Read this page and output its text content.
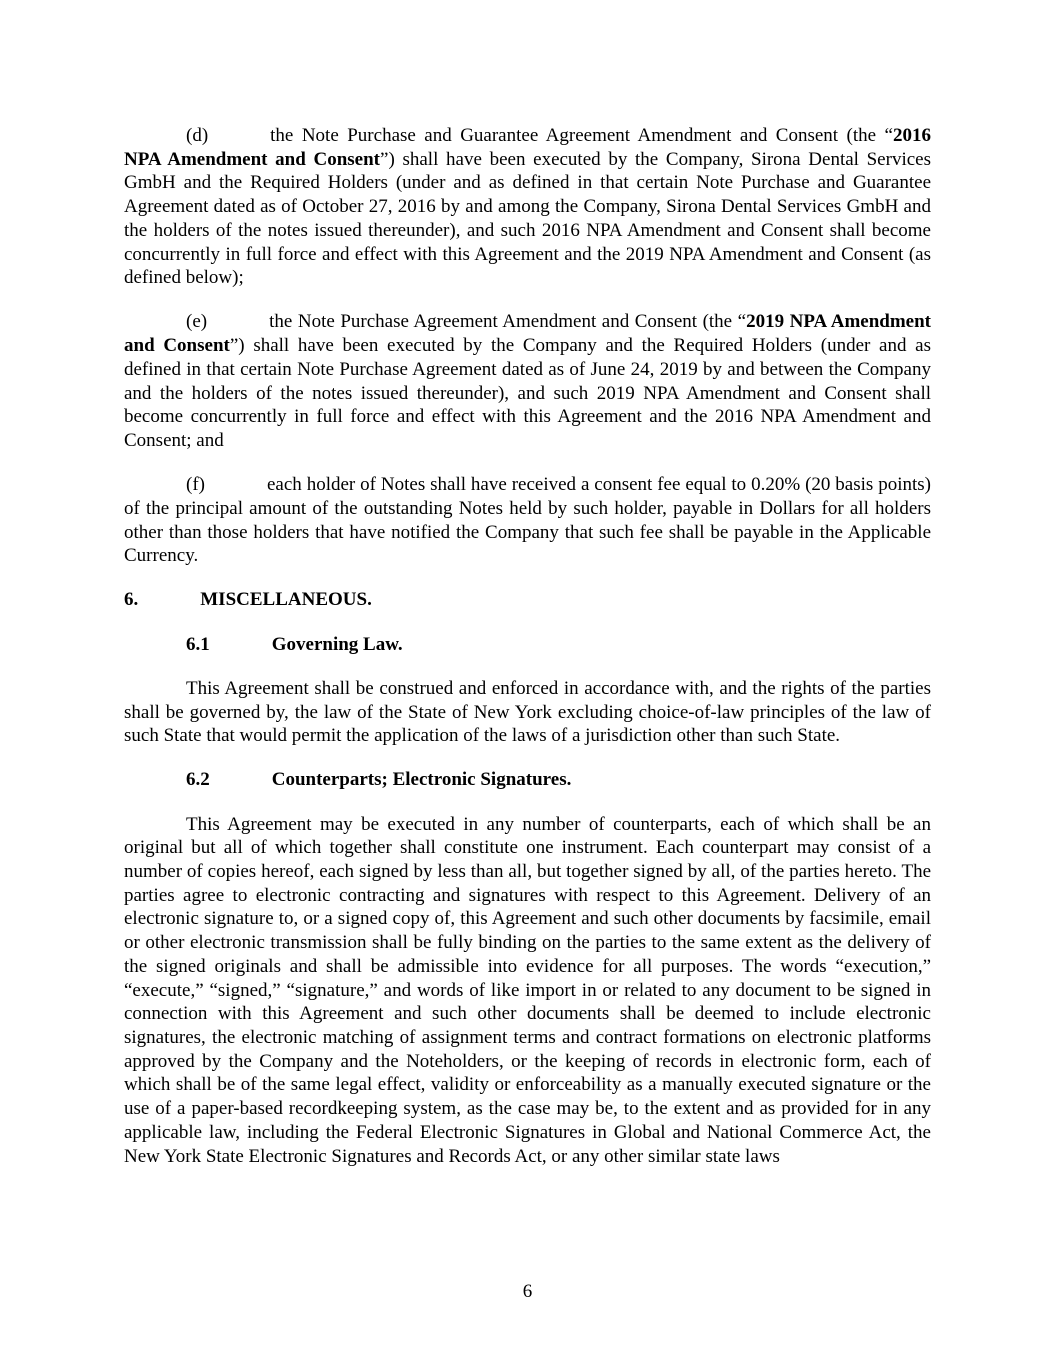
(d)	the Note Purchase and Guarantee Agreement Amendment and Consent (the “2016 NPA Amendment and Consent”) shall have been executed by the Company, Sirona Dental Services GmbH and the Required Holders (under and as defined in that certain Note Purchase and Guarantee Agreement dated as of October 27, 2016 by and among the Company, Sirona Dental Services GmbH and the holders of the notes issued thereunder), and such 2016 NPA Amendment and Consent shall become concurrently in full force and effect with this Agreement and the 2019 NPA Amendment and Consent (as defined below);

(e)	the Note Purchase Agreement Amendment and Consent (the “2019 NPA Amendment and Consent”) shall have been executed by the Company and the Required Holders (under and as defined in that certain Note Purchase Agreement dated as of June 24, 2019 by and between the Company and the holders of the notes issued thereunder), and such 2019 NPA Amendment and Consent shall become concurrently in full force and effect with this Agreement and the 2016 NPA Amendment and Consent; and

(f)	each holder of Notes shall have received a consent fee equal to 0.20% (20 basis points) of the principal amount of the outstanding Notes held by such holder, payable in Dollars for all holders other than those holders that have notified the Company that such fee shall be payable in the Applicable Currency.

6.	MISCELLANEOUS.

6.1	Governing Law.

This Agreement shall be construed and enforced in accordance with, and the rights of the parties shall be governed by, the law of the State of New York excluding choice-of-law principles of the law of such State that would permit the application of the laws of a jurisdiction other than such State.

6.2	Counterparts; Electronic Signatures.

This Agreement may be executed in any number of counterparts, each of which shall be an original but all of which together shall constitute one instrument. Each counterpart may consist of a number of copies hereof, each signed by less than all, but together signed by all, of the parties hereto. The parties agree to electronic contracting and signatures with respect to this Agreement. Delivery of an electronic signature to, or a signed copy of, this Agreement and such other documents by facsimile, email or other electronic transmission shall be fully binding on the parties to the same extent as the delivery of the signed originals and shall be admissible into evidence for all purposes. The words “execution,” “execute,” “signed,” “signature,” and words of like import in or related to any document to be signed in connection with this Agreement and such other documents shall be deemed to include electronic signatures, the electronic matching of assignment terms and contract formations on electronic platforms approved by the Company and the Noteholders, or the keeping of records in electronic form, each of which shall be of the same legal effect, validity or enforceability as a manually executed signature or the use of a paper-based recordkeeping system, as the case may be, to the extent and as provided for in any applicable law, including the Federal Electronic Signatures in Global and National Commerce Act, the New York State Electronic Signatures and Records Act, or any other similar state laws

6
